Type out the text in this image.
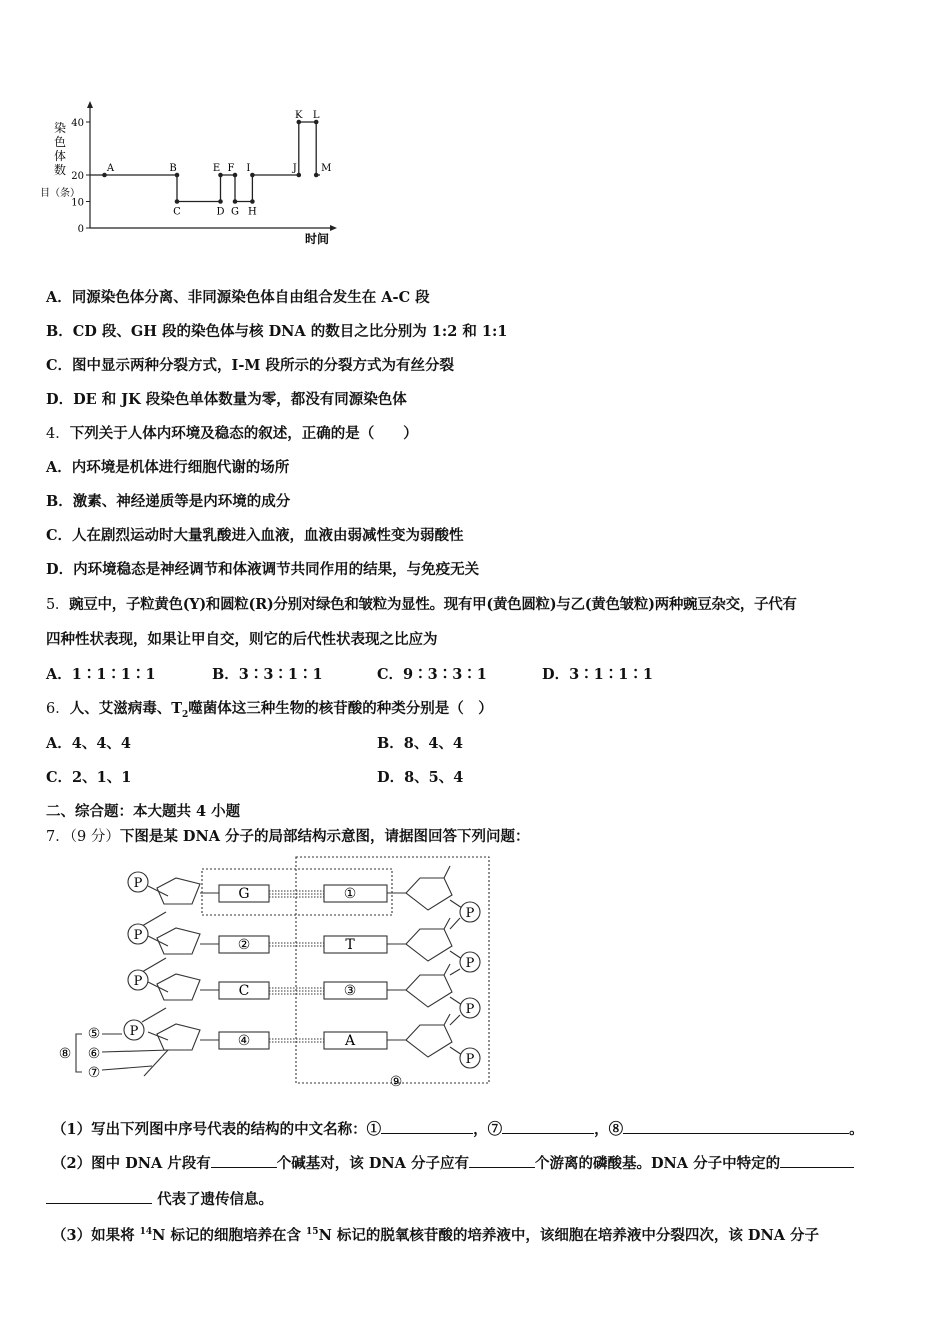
染
色
体
数
目（条）
0
10
20
40
A	B
C	D
E F
G H
I	J
K L
M
时间
A．同源染色体分离、非同源染色体自由组合发生在 A-C 段
B．CD 段、GH 段的染色体与核 DNA 的数目之比分别为 1:2 和 1:1
C．图中显示两种分裂方式，I-M 段所示的分裂方式为有丝分裂
D．DE 和 JK 段染色单体数量为零，都没有同源染色体
4．下列关于人体内环境及稳态的叙述，正确的是（　　）
A．内环境是机体进行细胞代谢的场所
B．激素、神经递质等是内环境的成分
C．人在剧烈运动时大量乳酸进入血液，血液由弱减性变为弱酸性
D．内环境稳态是神经调节和体液调节共同作用的结果，与免疫无关
5．豌豆中，子粒黄色(Y)和圆粒(R)分别对绿色和皱粒为显性。现有甲(黄色圆粒)与乙(黄色皱粒)两种豌豆杂交，子代有
四种性状表现，如果让甲自交，则它的后代性状表现之比应为
A．1∶1∶1∶1	B．3∶3∶1∶1	C．9∶3∶3∶1	D．3∶1∶1∶1
6．人、艾滋病毒、$T_2$噬菌体这三种生物的核苷酸的种类分别是（　）
A．4、4、4	B．8、4、4
C．2、1、1	D．8、5、4
二、综合题：本大题共 4 小题
7．（9 分）下图是某 DNA 分子的局部结构示意图，请据图回答下列问题：
P
P
P
P
P
P
P
P
G
②
C
④
①
T
③
A
⑤
⑥
⑦
⑧
⑨
（1）写出下列图中序号代表的结构的中文名称：①	，⑦	，⑧	。
（2）图中 DNA 片段有	个碱基对，该 DNA 分子应有	个游离的磷酸基。DNA 分子中特定的
代表了遗传信息。
（3）如果将 $^{14}$N 标记的细胞培养在含 $^{15}$N 标记的脱氧核苷酸的培养液中，该细胞在培养液中分裂四次，该 DNA 分子
